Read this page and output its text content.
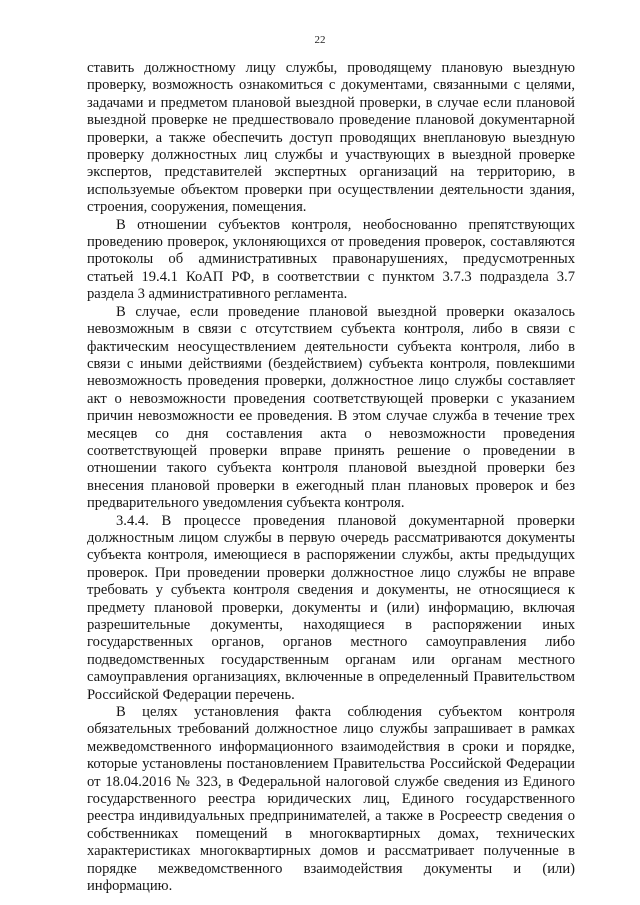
22

ставить должностному лицу службы, проводящему плановую выездную проверку, возможность ознакомиться с документами, связанными с целями, задачами и предметом плановой выездной проверки, в случае если плановой выездной проверке не предшествовало проведение плановой документарной проверки, а также обеспечить доступ проводящих внеплановую выездную проверку должностных лиц службы и участвующих в выездной проверке экспертов, представителей экспертных организаций на территорию, в используемые объектом проверки при осуществлении деятельности здания, строения, сооружения, помещения.

В отношении субъектов контроля, необоснованно препятствующих проведению проверок, уклоняющихся от проведения проверок, составляются протоколы об административных правонарушениях, предусмотренных статьей 19.4.1 КоАП РФ, в соответствии с пунктом 3.7.3 подраздела 3.7 раздела 3 административного регламента.

В случае, если проведение плановой выездной проверки оказалось невозможным в связи с отсутствием субъекта контроля, либо в связи с фактическим неосуществлением деятельности субъекта контроля, либо в связи с иными действиями (бездействием) субъекта контроля, повлекшими невозможность проведения проверки, должностное лицо службы составляет акт о невозможности проведения соответствующей проверки с указанием причин невозможности ее проведения. В этом случае служба в течение трех месяцев со дня составления акта о невозможности проведения соответствующей проверки вправе принять решение о проведении в отношении такого субъекта контроля плановой выездной проверки без внесения плановой проверки в ежегодный план плановых проверок и без предварительного уведомления субъекта контроля.

3.4.4. В процессе проведения плановой документарной проверки должностным лицом службы в первую очередь рассматриваются документы субъекта контроля, имеющиеся в распоряжении службы, акты предыдущих проверок. При проведении проверки должностное лицо службы не вправе требовать у субъекта контроля сведения и документы, не относящиеся к предмету плановой проверки, документы и (или) информацию, включая разрешительные документы, находящиеся в распоряжении иных государственных органов, органов местного самоуправления либо подведомственных государственным органам или органам местного самоуправления организациях, включенные в определенный Правительством Российской Федерации перечень.

В целях установления факта соблюдения субъектом контроля обязательных требований должностное лицо службы запрашивает в рамках межведомственного информационного взаимодействия в сроки и порядке, которые установлены постановлением Правительства Российской Федерации от 18.04.2016 № 323, в Федеральной налоговой службе сведения из Единого государственного реестра юридических лиц, Единого государственного реестра индивидуальных предпринимателей, а также в Росреестр сведения о собственниках помещений в многоквартирных домах, технических характеристиках многоквартирных домов и рассматривает полученные в порядке межведомственного взаимодействия документы и (или) информацию.
